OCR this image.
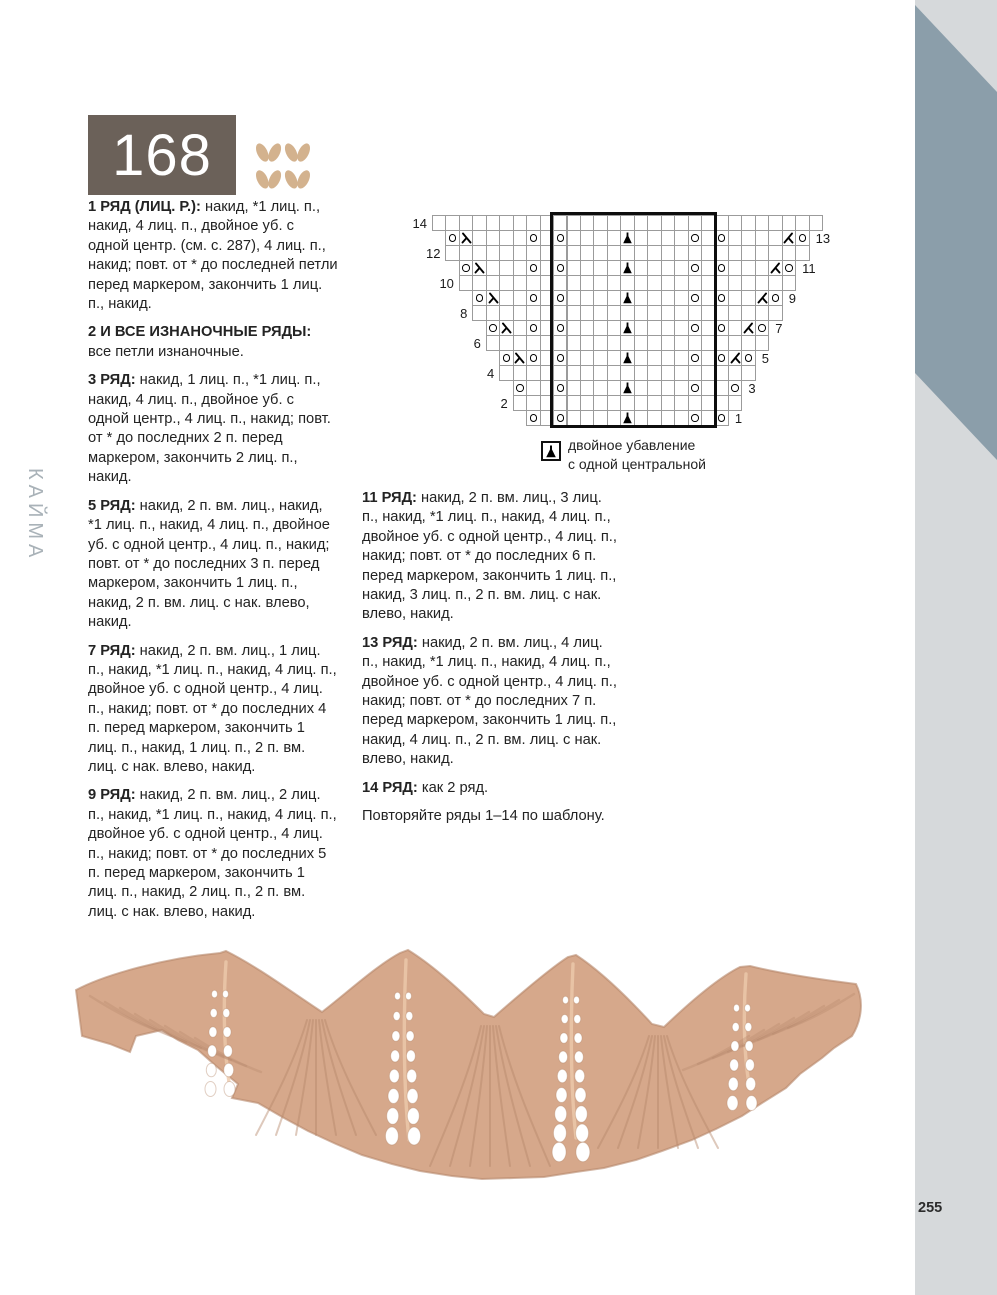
с числом петель, кратным 12
КАЙМА
255
168

1 РЯД (ЛИЦ. Р.): накид, *1 лиц. п., накид, 4 лиц. п., двойное уб. с одной центр. (см. с. 287), 4 лиц. п., накид; повт. от * до последней петли перед маркером, закончить 1 лиц. п., накид.

2 И ВСЕ ИЗНАНОЧНЫЕ РЯДЫ: все петли изнаночные.

3 РЯД: накид, 1 лиц. п., *1 лиц. п., накид, 4 лиц. п., двойное уб. с одной центр., 4 лиц. п., накид; повт. от * до последних 2 п. перед маркером, закончить 2 лиц. п., накид.

5 РЯД: накид, 2 п. вм. лиц., накид, *1 лиц. п., накид, 4 лиц. п., двойное уб. с одной центр., 4 лиц. п., накид; повт. от * до последних 3 п. перед маркером, закончить 1 лиц. п., накид, 2 п. вм. лиц. с нак. влево, накид.

7 РЯД: накид, 2 п. вм. лиц., 1 лиц. п., накид, *1 лиц. п., накид, 4 лиц. п., двойное уб. с одной центр., 4 лиц. п., накид; повт. от * до последних 4 п. перед маркером, закончить 1 лиц. п., накид, 1 лиц. п., 2 п. вм. лиц. с нак. влево, накид.

9 РЯД: накид, 2 п. вм. лиц., 2 лиц. п., накид, *1 лиц. п., накид, 4 лиц. п., двойное уб. с одной центр., 4 лиц. п., накид; повт. от * до последних 5 п. перед маркером, закончить 1 лиц. п., накид, 2 лиц. п., 2 п. вм. лиц. с нак. влево, накид.

11 РЯД: накид, 2 п. вм. лиц., 3 лиц. п., накид, *1 лиц. п., накид, 4 лиц. п., двойное уб. с одной центр., 4 лиц. п., накид; повт. от * до последних 6 п. перед маркером, закончить 1 лиц. п., накид, 3 лиц. п., 2 п. вм. лиц. с нак. влево, накид.

13 РЯД: накид, 2 п. вм. лиц., 4 лиц. п., накид, *1 лиц. п., накид, 4 лиц. п., двойное уб. с одной центр., 4 лиц. п., накид; повт. от * до последних 7 п. перед маркером, закончить 1 лиц. п., накид, 4 лиц. п., 2 п. вм. лиц. с нак. влево, накид.

14 РЯД: как 2 ряд.

Повторяйте ряды 1–14 по шаблону.

14
13
12
11
10
9
8
7
6
5
4
3
2
1
двойное убавление
с одной центральной
